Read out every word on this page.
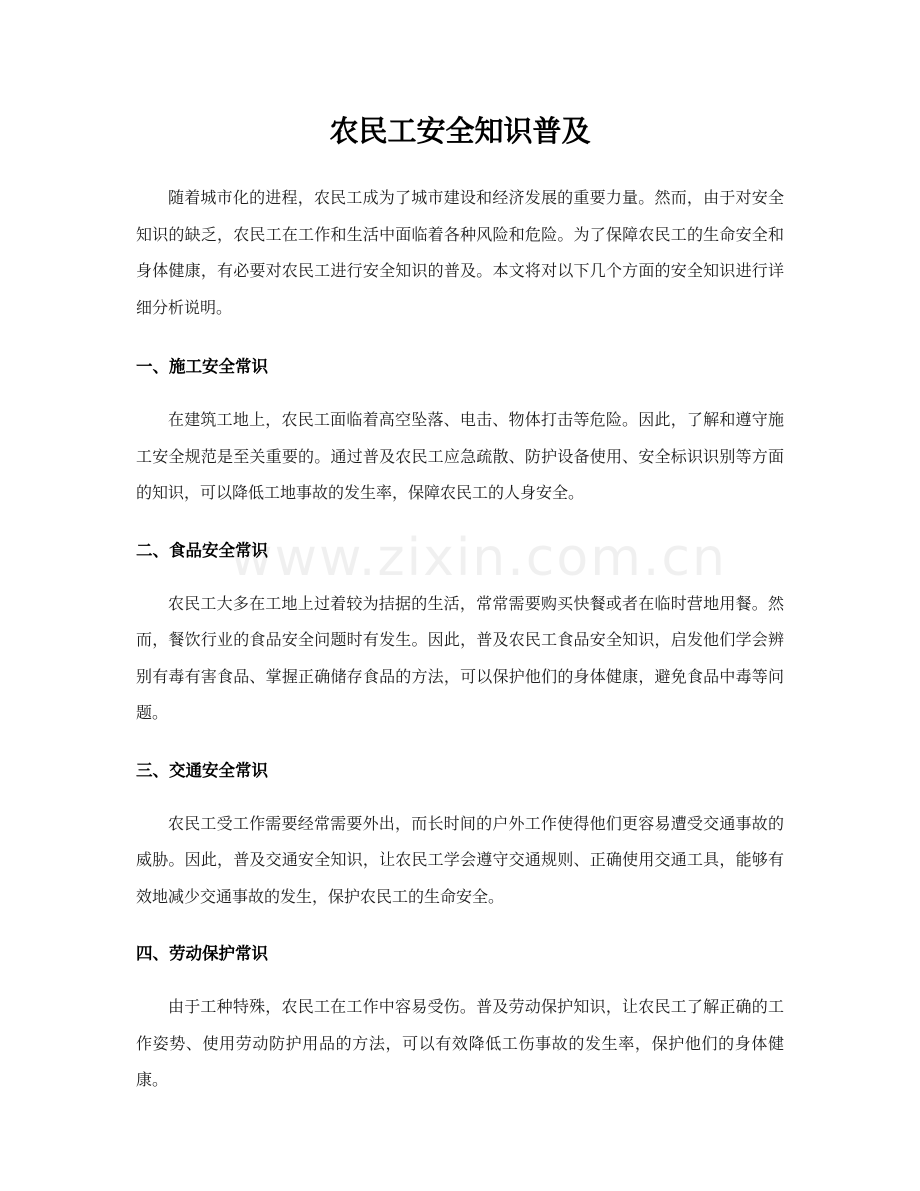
农民工安全知识普及

随着城市化的进程，农民工成为了城市建设和经济发展的重要力量。然而，由于对安全知识的缺乏，农民工在工作和生活中面临着各种风险和危险。为了保障农民工的生命安全和身体健康，有必要对农民工进行安全知识的普及。本文将对以下几个方面的安全知识进行详细分析说明。

一、施工安全常识

在建筑工地上，农民工面临着高空坠落、电击、物体打击等危险。因此，了解和遵守施工安全规范是至关重要的。通过普及农民工应急疏散、防护设备使用、安全标识识别等方面的知识，可以降低工地事故的发生率，保障农民工的人身安全。

二、食品安全常识

农民工大多在工地上过着较为拮据的生活，常常需要购买快餐或者在临时营地用餐。然而，餐饮行业的食品安全问题时有发生。因此，普及农民工食品安全知识，启发他们学会辨别有毒有害食品、掌握正确储存食品的方法，可以保护他们的身体健康，避免食品中毒等问题。

三、交通安全常识

农民工受工作需要经常需要外出，而长时间的户外工作使得他们更容易遭受交通事故的威胁。因此，普及交通安全知识，让农民工学会遵守交通规则、正确使用交通工具，能够有效地减少交通事故的发生，保护农民工的生命安全。

四、劳动保护常识

由于工种特殊，农民工在工作中容易受伤。普及劳动保护知识，让农民工了解正确的工作姿势、使用劳动防护用品的方法，可以有效降低工伤事故的发生率，保护他们的身体健康。

www.zixin.com.cn
